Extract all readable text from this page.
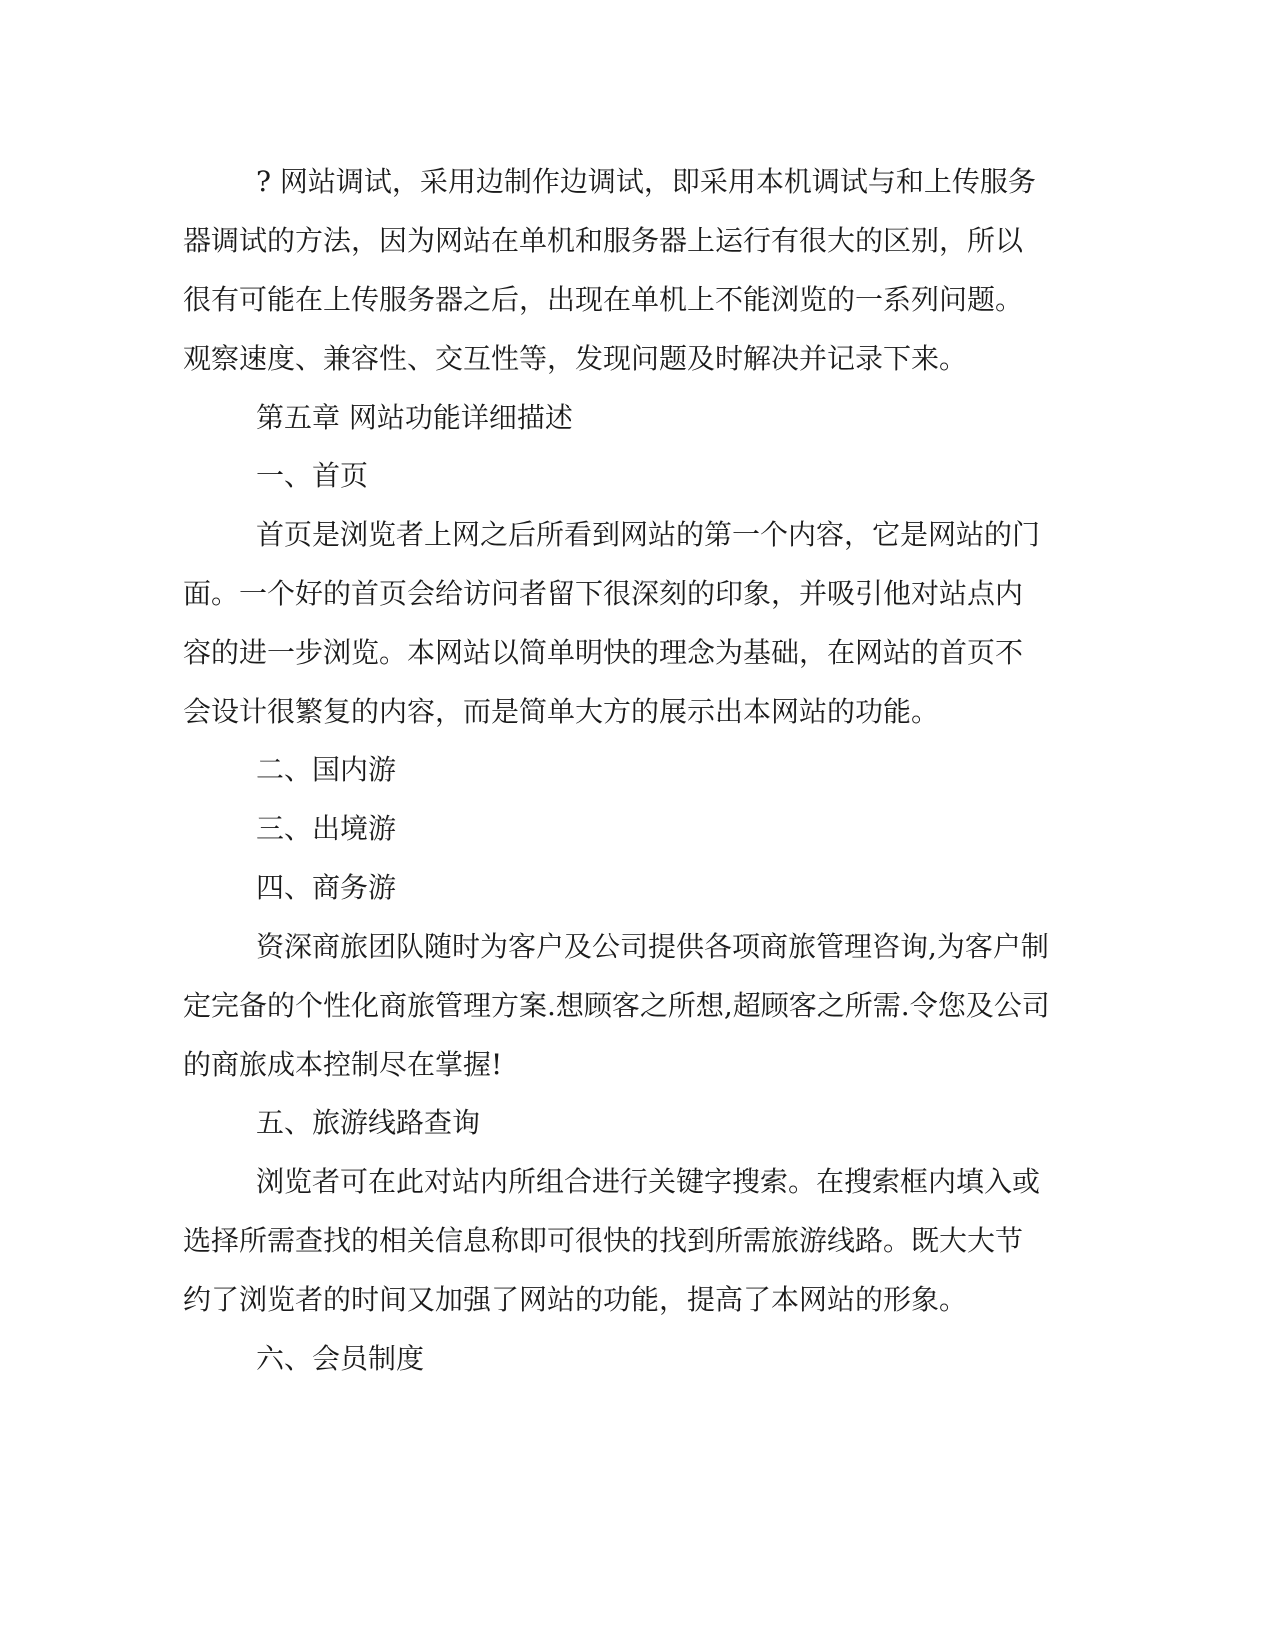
? 网站调试，采用边制作边调试，即采用本机调试与和上传服务
器调试的方法，因为网站在单机和服务器上运行有很大的区别，所以
很有可能在上传服务器之后，出现在单机上不能浏览的一系列问题。
观察速度、兼容性、交互性等，发现问题及时解决并记录下来。
第五章 网站功能详细描述
一、首页
首页是浏览者上网之后所看到网站的第一个内容，它是网站的门
面。一个好的首页会给访问者留下很深刻的印象，并吸引他对站点内
容的进一步浏览。本网站以简单明快的理念为基础，在网站的首页不
会设计很繁复的内容，而是简单大方的展示出本网站的功能。
二、国内游
三、出境游
四、商务游
资深商旅团队随时为客户及公司提供各项商旅管理咨询,为客户制
定完备的个性化商旅管理方案.想顾客之所想,超顾客之所需.令您及公司
的商旅成本控制尽在掌握!
五、旅游线路查询
浏览者可在此对站内所组合进行关键字搜索。在搜索框内填入或
选择所需查找的相关信息称即可很快的找到所需旅游线路。既大大节
约了浏览者的时间又加强了网站的功能，提高了本网站的形象。
六、会员制度
